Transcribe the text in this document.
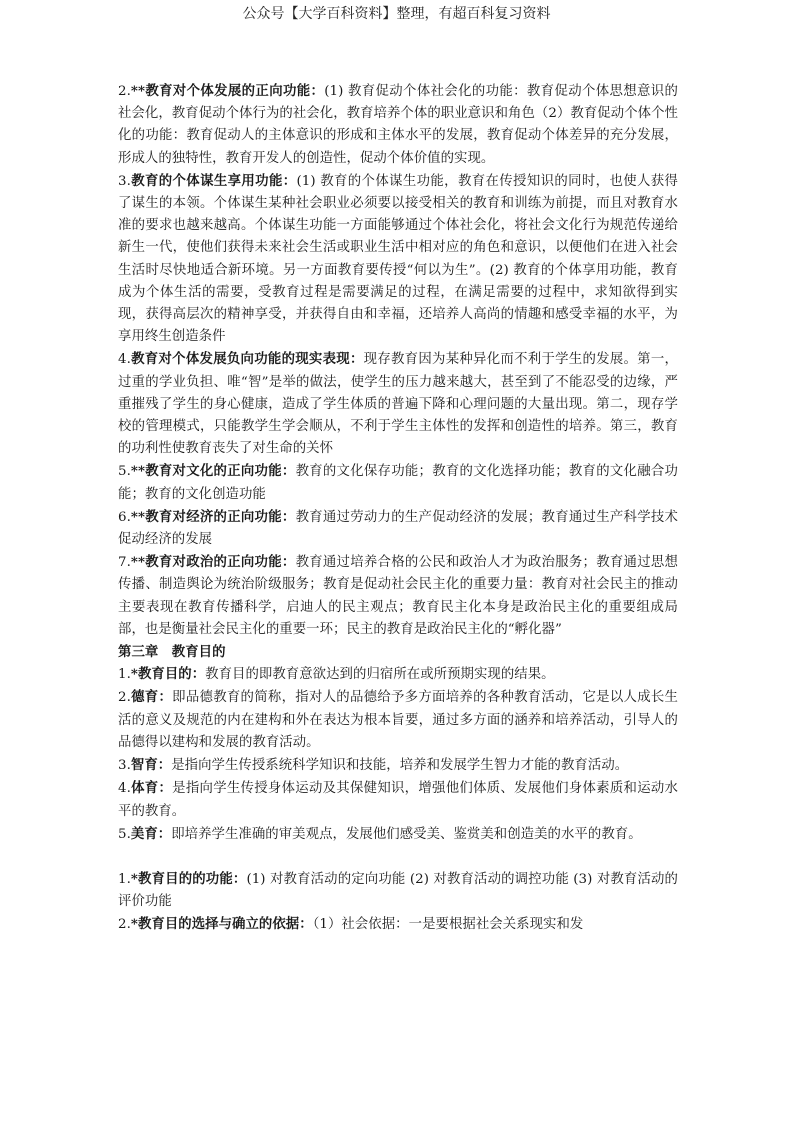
公众号【大学百科资料】整理，有超百科复习资料

2.**教育对个体发展的正向功能：(1) 教育促动个体社会化的功能：教育促动个体思想意识的社会化，教育促动个体行为的社会化，教育培养个体的职业意识和角色（2）教育促动个体个性化的功能：教育促动人的主体意识的形成和主体水平的发展，教育促动个体差异的充分发展，形成人的独特性，教育开发人的创造性，促动个体价值的实现。

3.教育的个体谋生享用功能：(1) 教育的个体谋生功能，教育在传授知识的同时，也使人获得了谋生的本领。个体谋生某种社会职业必须要以接受相关的教育和训练为前提，而且对教育水准的要求也越来越高。个体谋生功能一方面能够通过个体社会化，将社会文化行为规范传递给新生一代，使他们获得未来社会生活或职业生活中相对应的角色和意识，以便他们在进入社会生活时尽快地适合新环境。另一方面教育要传授“何以为生”。(2) 教育的个体享用功能，教育成为个体生活的需要，受教育过程是需要满足的过程，在满足需要的过程中，求知欲得到实现，获得高层次的精神享受，并获得自由和幸福，还培养人高尚的情趣和感受幸福的水平，为享用终生创造条件

4.教育对个体发展负向功能的现实表现：现存教育因为某种异化而不利于学生的发展。第一，过重的学业负担、唯“智”是举的做法，使学生的压力越来越大，甚至到了不能忍受的边缘，严重摧残了学生的身心健康，造成了学生体质的普遍下降和心理问题的大量出现。第二，现存学校的管理模式，只能教学生学会顺从，不利于学生主体性的发挥和创造性的培养。第三，教育的功利性使教育丧失了对生命的关怀

5.**教育对文化的正向功能：教育的文化保存功能；教育的文化选择功能；教育的文化融合功能；教育的文化创造功能

6.**教育对经济的正向功能：教育通过劳动力的生产促动经济的发展；教育通过生产科学技术促动经济的发展

7.**教育对政治的正向功能：教育通过培养合格的公民和政治人才为政治服务；教育通过思想传播、制造舆论为统治阶级服务；教育是促动社会民主化的重要力量：教育对社会民主的推动主要表现在教育传播科学，启迪人的民主观点；教育民主化本身是政治民主化的重要组成局部，也是衡量社会民主化的重要一环；民主的教育是政治民主化的“孵化器”

第三章　教育目的

1.*教育目的：教育目的即教育意欲达到的归宿所在或所预期实现的结果。

2.德育：即品德教育的简称，指对人的品德给予多方面培养的各种教育活动，它是以人成长生活的意义及规范的内在建构和外在表达为根本旨要，通过多方面的涵养和培养活动，引导人的品德得以建构和发展的教育活动。

3.智育：是指向学生传授系统科学知识和技能，培养和发展学生智力才能的教育活动。

4.体育：是指向学生传授身体运动及其保健知识，增强他们体质、发展他们身体素质和运动水平的教育。

5.美育：即培养学生准确的审美观点，发展他们感受美、鉴赏美和创造美的水平的教育。

1.*教育目的的功能：(1) 对教育活动的定向功能 (2) 对教育活动的调控功能 (3) 对教育活动的评价功能

2.*教育目的选择与确立的依据：（1）社会依据：一是要根据社会关系现实和发
